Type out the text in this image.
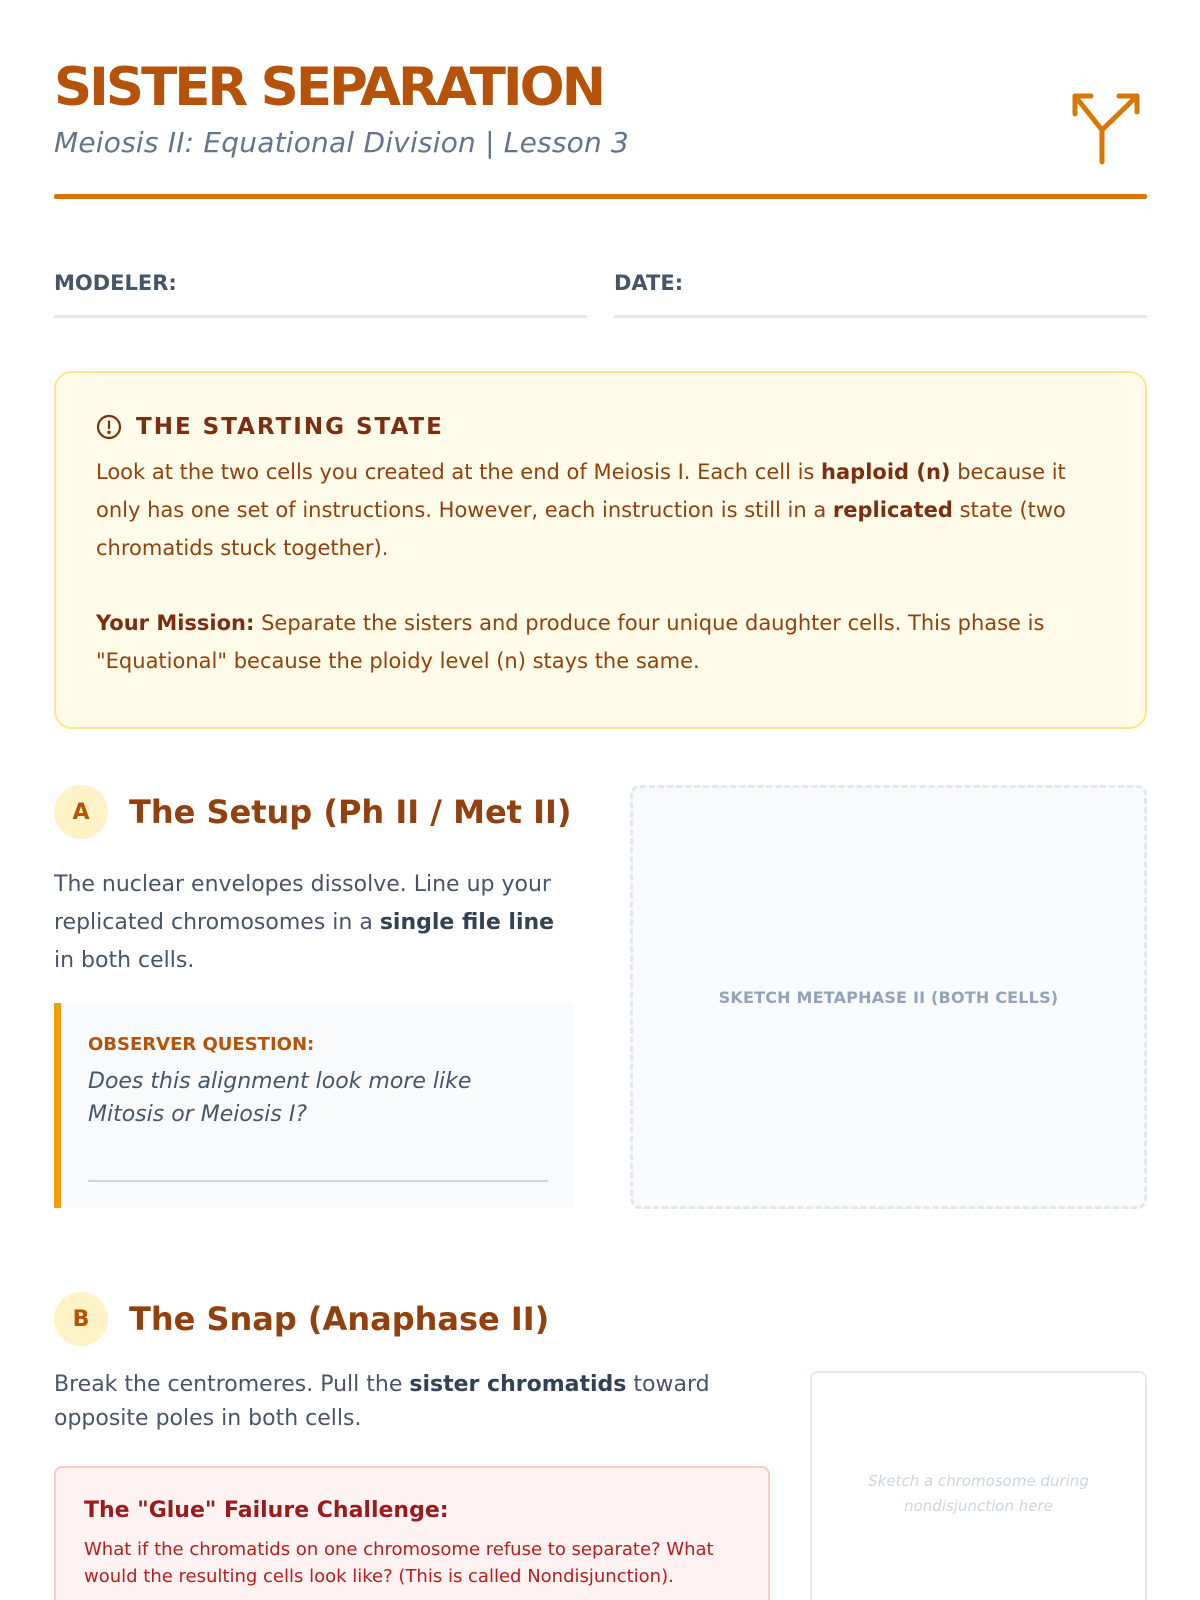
SISTER SEPARATION
Meiosis II: Equational Division | Lesson 3
MODELER:	DATE:
THE STARTING STATE

Look at the two cells you created at the end of Meiosis I. Each cell is haploid (n) because it only has one set of instructions. However, each instruction is still in a replicated state (two chromatids stuck together).

Your Mission: Separate the sisters and produce four unique daughter cells. This phase is "Equational" because the ploidy level (n) stays the same.

A	The Setup (Ph II / Met II)
The nuclear envelopes dissolve. Line up your replicated chromosomes in a single file line in both cells.
OBSERVER QUESTION:
Does this alignment look more like Mitosis or Meiosis I?
SKETCH METAPHASE II (BOTH CELLS)
B	The Snap (Anaphase II)
Break the centromeres. Pull the sister chromatids toward opposite poles in both cells.
The "Glue" Failure Challenge:
What if the chromatids on one chromosome refuse to separate? What would the resulting cells look like? (This is called Nondisjunction).
Sketch a chromosome during nondisjunction here
